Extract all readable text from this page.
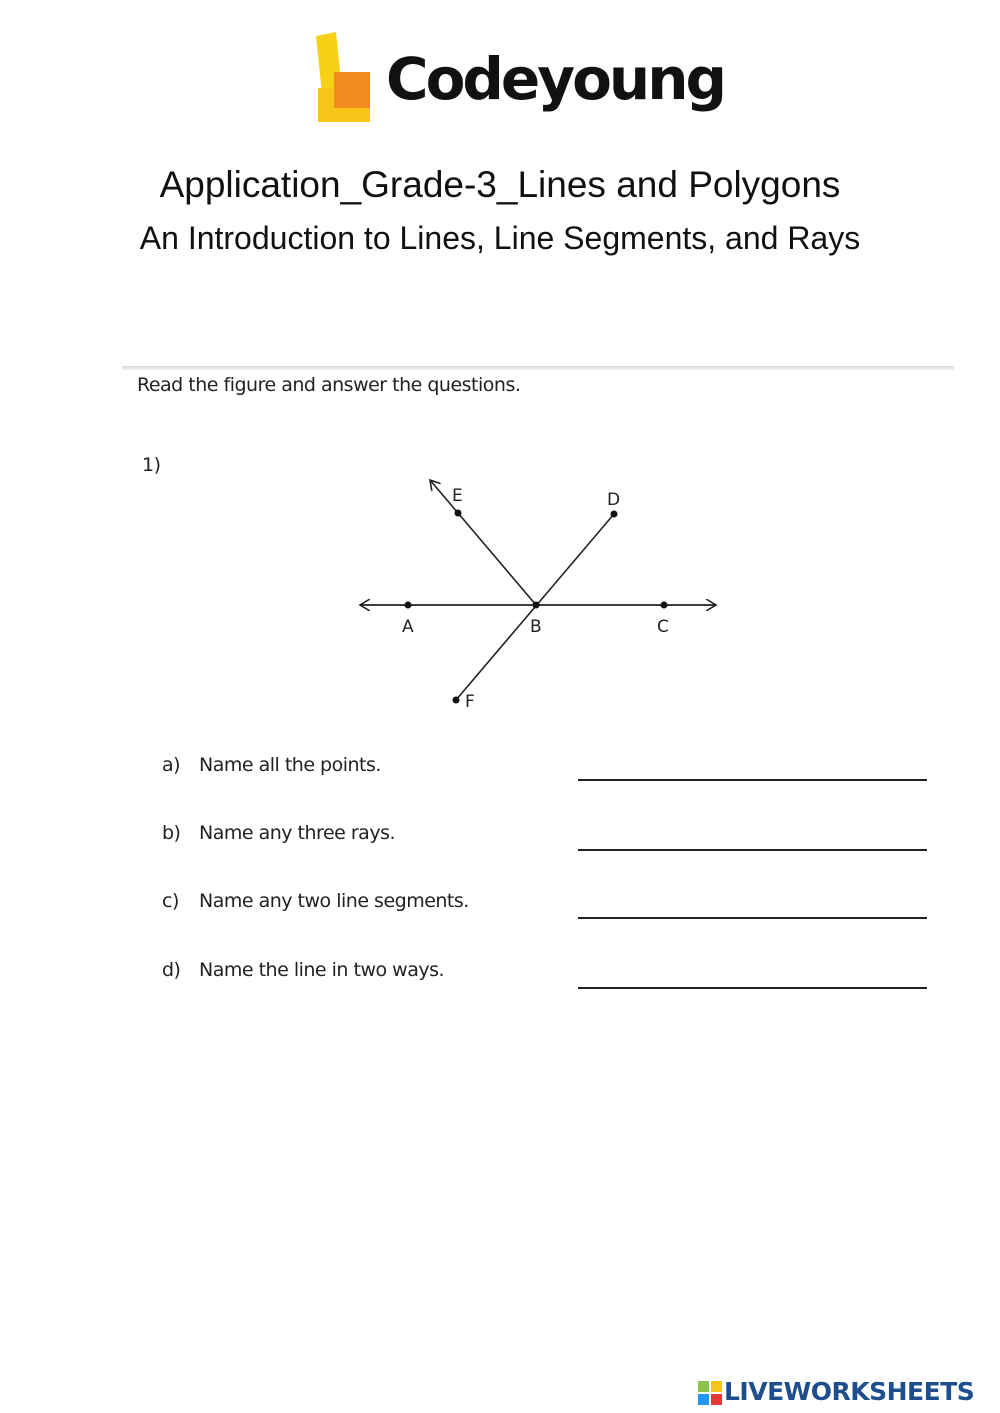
Codeyoung
Application_Grade-3_Lines and Polygons
An Introduction to Lines, Line Segments, and Rays
Read the figure and answer the questions.
1)
A	B	C
D
E
F
a) Name all the points.
b) Name any three rays.
c) Name any two line segments.
d) Name the line in two ways.
LIVEWORKSHEETS
